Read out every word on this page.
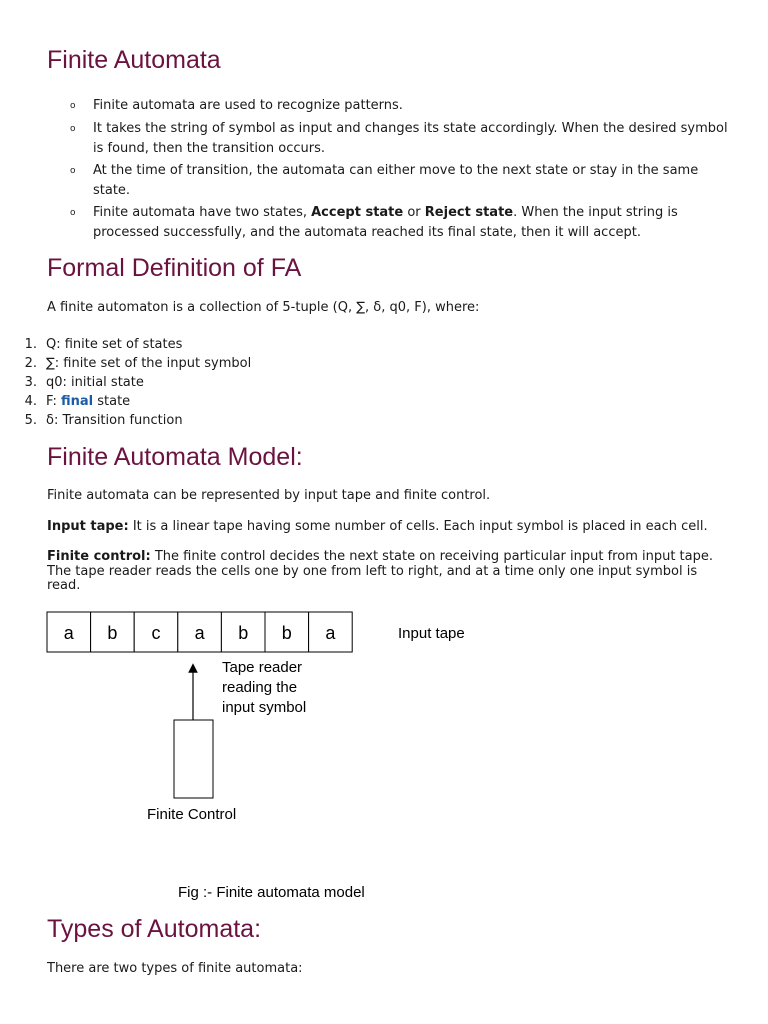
Finite Automata
o Finite automata are used to recognize patterns.
o It takes the string of symbol as input and changes its state accordingly. When the desired symbol is found, then the transition occurs.
o At the time of transition, the automata can either move to the next state or stay in the same state.
o Finite automata have two states, Accept state or Reject state. When the input string is processed successfully, and the automata reached its final state, then it will accept.
Formal Definition of FA
A finite automaton is a collection of 5-tuple (Q, ∑, δ, q0, F), where:
1. Q: finite set of states
2. ∑: finite set of the input symbol
3. q0: initial state
4. F: final state
5. δ: Transition function
Finite Automata Model:
Finite automata can be represented by input tape and finite control.
Input tape: It is a linear tape having some number of cells. Each input symbol is placed in each cell.
Finite control: The finite control decides the next state on receiving particular input from input tape. The tape reader reads the cells one by one from left to right, and at a time only one input symbol is read.
a b c a b b a	Input tape
Tape reader
reading the
input symbol
Finite Control
Fig :- Finite automata model
Types of Automata:
There are two types of finite automata:
